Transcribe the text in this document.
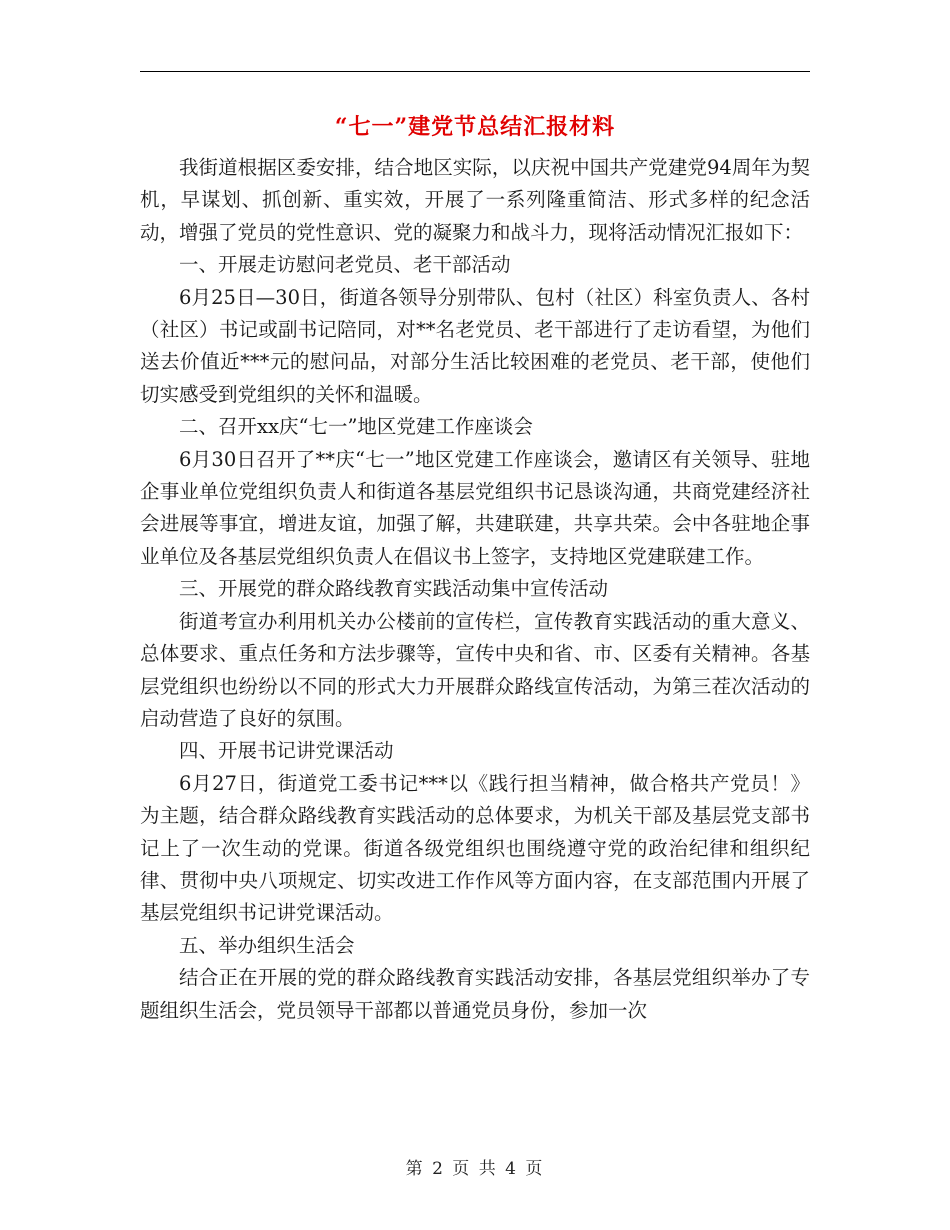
“七一”建党节总结汇报材料

我街道根据区委安排，结合地区实际，以庆祝中国共产党建党94周年为契机，早谋划、抓创新、重实效，开展了一系列隆重简洁、形式多样的纪念活动，增强了党员的党性意识、党的凝聚力和战斗力，现将活动情况汇报如下：

一、开展走访慰问老党员、老干部活动

6月25日—30日，街道各领导分别带队、包村（社区）科室负责人、各村（社区）书记或副书记陪同，对**名老党员、老干部进行了走访看望，为他们送去价值近***元的慰问品，对部分生活比较困难的老党员、老干部，使他们切实感受到党组织的关怀和温暖。

二、召开xx庆“七一”地区党建工作座谈会

6月30日召开了**庆“七一”地区党建工作座谈会，邀请区有关领导、驻地企事业单位党组织负责人和街道各基层党组织书记恳谈沟通，共商党建经济社会进展等事宜，增进友谊，加强了解，共建联建，共享共荣。会中各驻地企事业单位及各基层党组织负责人在倡议书上签字，支持地区党建联建工作。

三、开展党的群众路线教育实践活动集中宣传活动

街道考宣办利用机关办公楼前的宣传栏，宣传教育实践活动的重大意义、总体要求、重点任务和方法步骤等，宣传中央和省、市、区委有关精神。各基层党组织也纷纷以不同的形式大力开展群众路线宣传活动，为第三茬次活动的启动营造了良好的氛围。

四、开展书记讲党课活动

6月27日，街道党工委书记***以《践行担当精神，做合格共产党员！》为主题，结合群众路线教育实践活动的总体要求，为机关干部及基层党支部书记上了一次生动的党课。街道各级党组织也围绕遵守党的政治纪律和组织纪律、贯彻中央八项规定、切实改进工作作风等方面内容，在支部范围内开展了基层党组织书记讲党课活动。

五、举办组织生活会

结合正在开展的党的群众路线教育实践活动安排，各基层党组织举办了专题组织生活会，党员领导干部都以普通党员身份，参加一次

第 2 页 共 4 页
